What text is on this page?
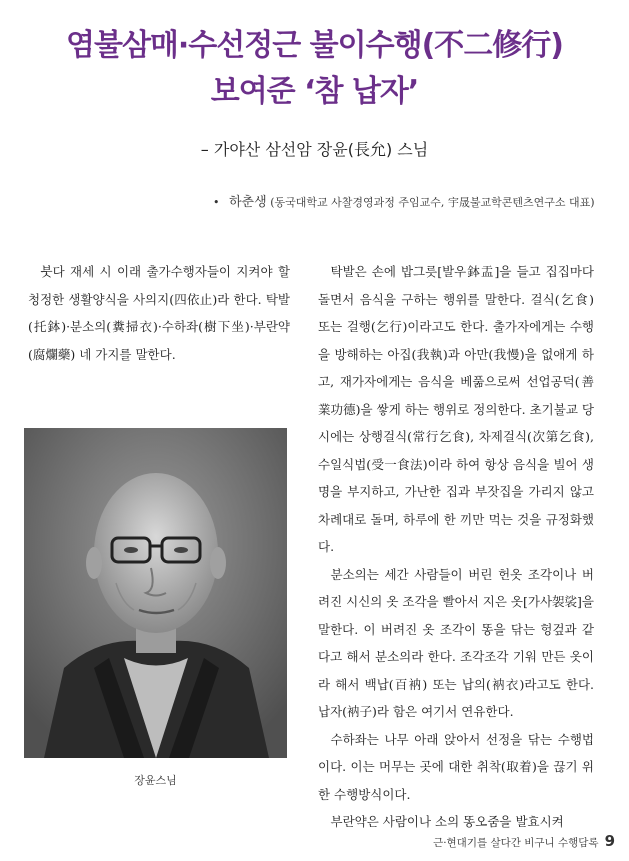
염불삼매·수선정근 불이수행(不二修行)
보여준 ‘참 납자’
– 가야산 삼선암 장윤(長允) 스님
• 하춘생 (동국대학교 사찰경영과정 주임교수, 宇晟불교학콘텐츠연구소 대표)

붓다 재세 시 이래 출가수행자들이 지켜야 할 청정한 생활양식을 사의지(四依止)라 한다. 탁발(托鉢)·분소의(糞掃衣)·수하좌(樹下坐)·부란약(腐爛藥) 네 가지를 말한다.

장윤스님

탁발은 손에 밥그릇[발우鉢盂]을 들고 집집마다 돌면서 음식을 구하는 행위를 말한다. 걸식(乞食) 또는 걸행(乞行)이라고도 한다. 출가자에게는 수행을 방해하는 아집(我執)과 아만(我慢)을 없애게 하고, 재가자에게는 음식을 베풂으로써 선업공덕(善業功德)을 쌓게 하는 행위로 정의한다. 초기불교 당시에는 상행걸식(常行乞食), 차제걸식(次第乞食), 수일식법(受一食法)이라 하여 항상 음식을 빌어 생명을 부지하고, 가난한 집과 부잣집을 가리지 않고 차례대로 돌며, 하루에 한 끼만 먹는 것을 규정화했다.

분소의는 세간 사람들이 버린 헌옷 조각이나 버려진 시신의 옷 조각을 빨아서 지은 옷[가사袈裟]을 말한다. 이 버려진 옷 조각이 똥을 닦는 헝겊과 같다고 해서 분소의라 한다. 조각조각 기워 만든 옷이라 해서 백납(百衲) 또는 납의(衲衣)라고도 한다. 납자(衲子)라 함은 여기서 연유한다.

수하좌는 나무 아래 앉아서 선정을 닦는 수행법이다. 이는 머무는 곳에 대한 취착(取着)을 끊기 위한 수행방식이다.

부란약은 사람이나 소의 똥오줌을 발효시켜

근·현대기를 살다간 비구니 수행담록 9
